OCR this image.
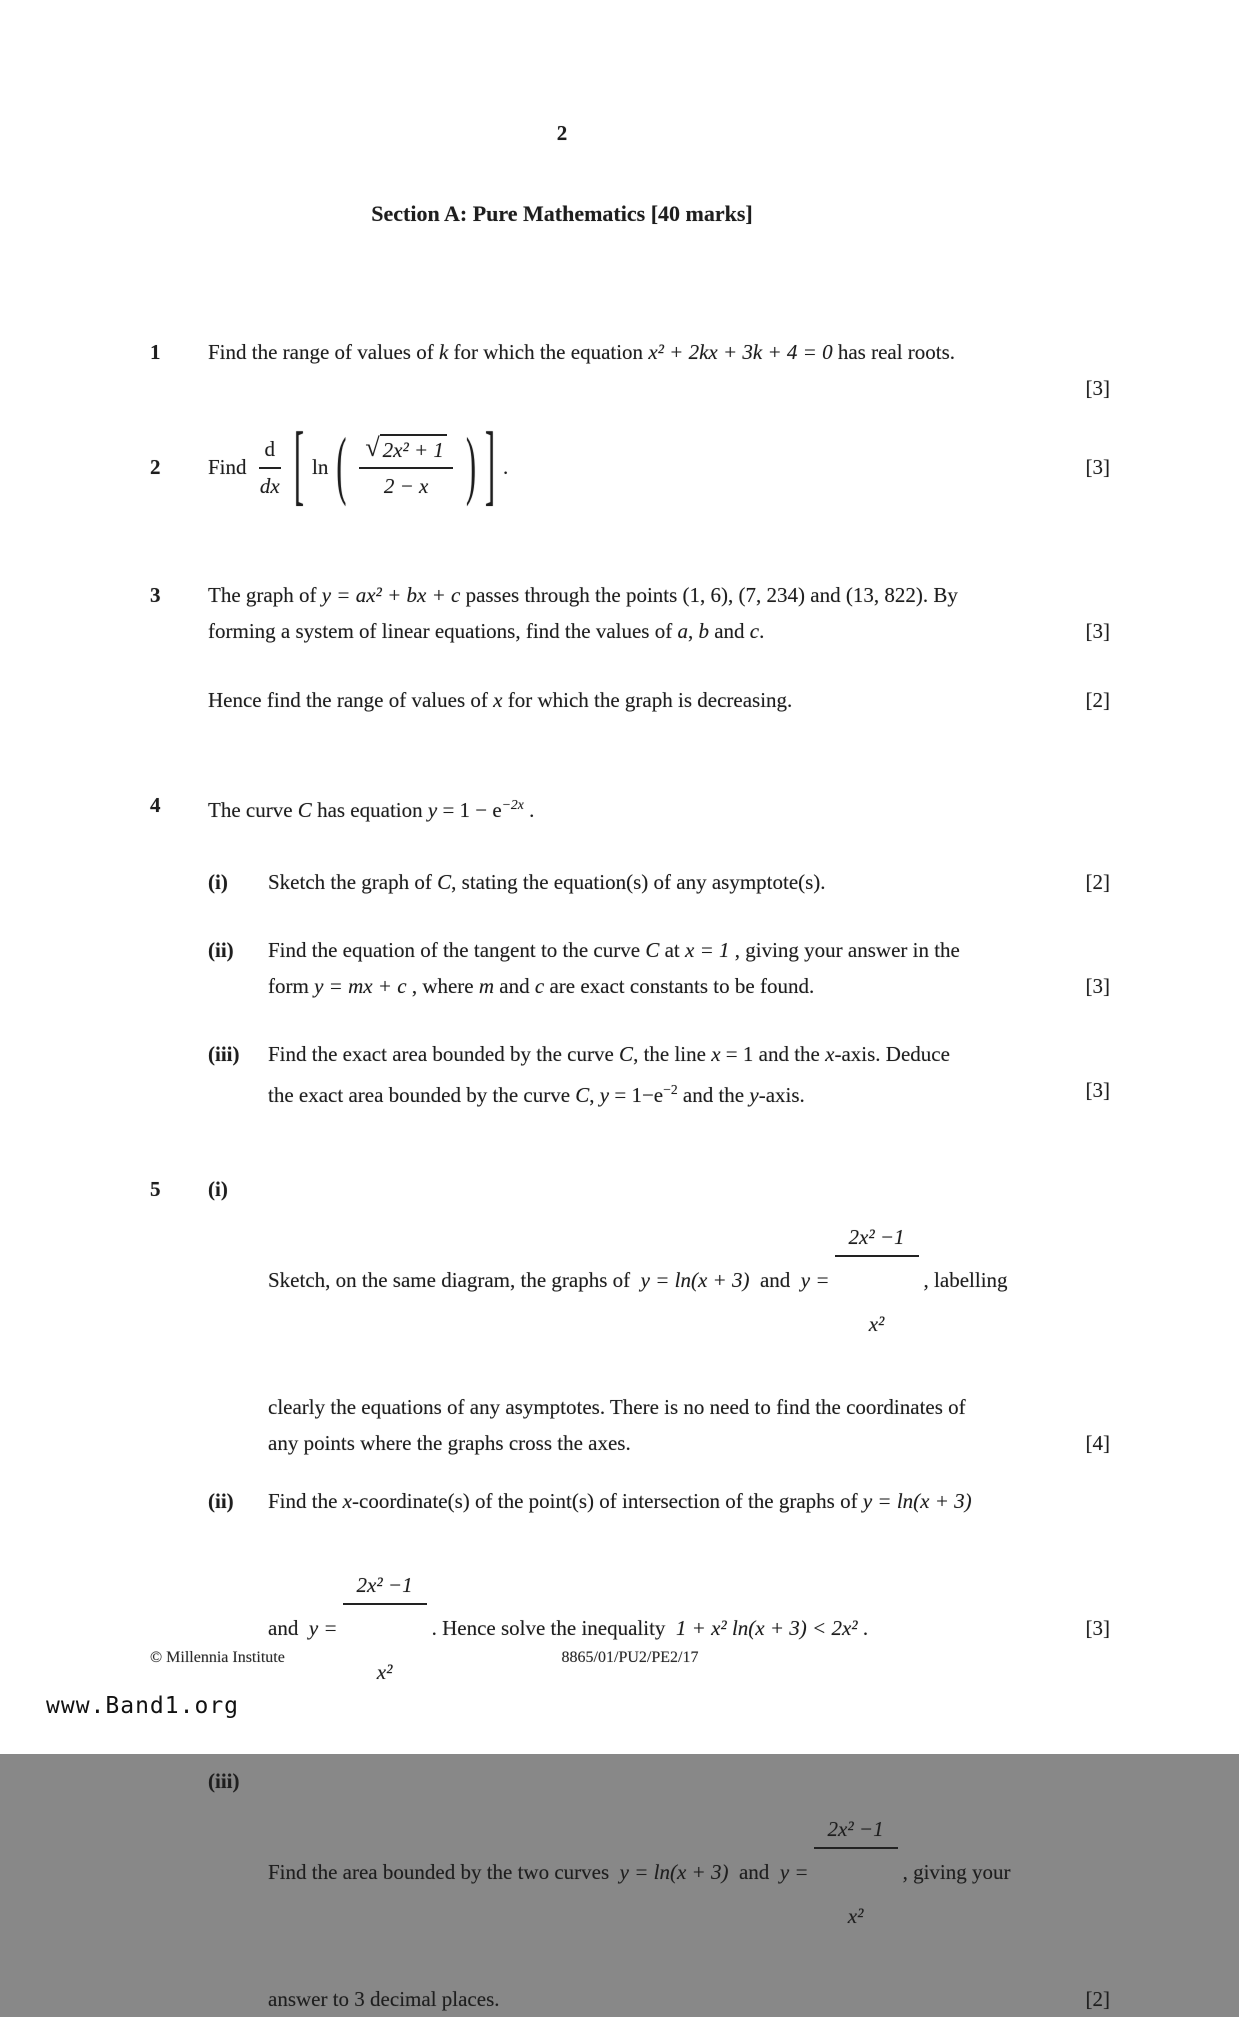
2
Section A: Pure Mathematics [40 marks]
1	Find the range of values of k for which the equation x² + 2kx + 3k + 4 = 0 has real roots.
[3]
2	Find $\frac{d}{dx}$ [ ln ( $\frac{\text{√ 2x² + 1}}{2 - x}$ ) ] .	[3]
3	The graph of y = ax² + bx + c passes through the points (1, 6), (7, 234) and (13, 822). By
forming a system of linear equations, find the values of a, b and c.	[3]
Hence find the range of values of x for which the graph is decreasing.	[2]
4	The curve C has equation $y = 1 - e^{-2x}$ .
(i)	Sketch the graph of C, stating the equation(s) of any asymptote(s).	[2]
(ii)	Find the equation of the tangent to the curve C at x = 1 , giving your answer in the
form y = mx + c , where m and c are exact constants to be found.	[3]
(iii)	Find the exact area bounded by the curve C, the line x = 1 and the x-axis. Deduce
the exact area bounded by the curve C, $y = 1-e^{-2}$ and the y-axis.	[3]
5	(i)
Sketch, on the same diagram, the graphs of  y = ln(x + 3)  and  y =

$\frac{\text{2x² −1}}{\text{x²}}$

, labelling
clearly the equations of any asymptotes. There is no need to find the coordinates of
any points where the graphs cross the axes.	[4]
(ii)	Find the x-coordinate(s) of the point(s) of intersection of the graphs of y = ln(x + 3)
and  y =

$\frac{\text{2x² −1}}{\text{x²}}$

. Hence solve the inequality  1 + x² ln(x + 3) < 2x² .	[3]
(iii)
Find the area bounded by the two curves  y = ln(x + 3)  and  y =

$\frac{\text{2x² −1}}{\text{x²}}$

, giving your
answer to 3 decimal places.	[2]
© Millennia Institute	8865/01/PU2/PE2/17
www.Band1.org
